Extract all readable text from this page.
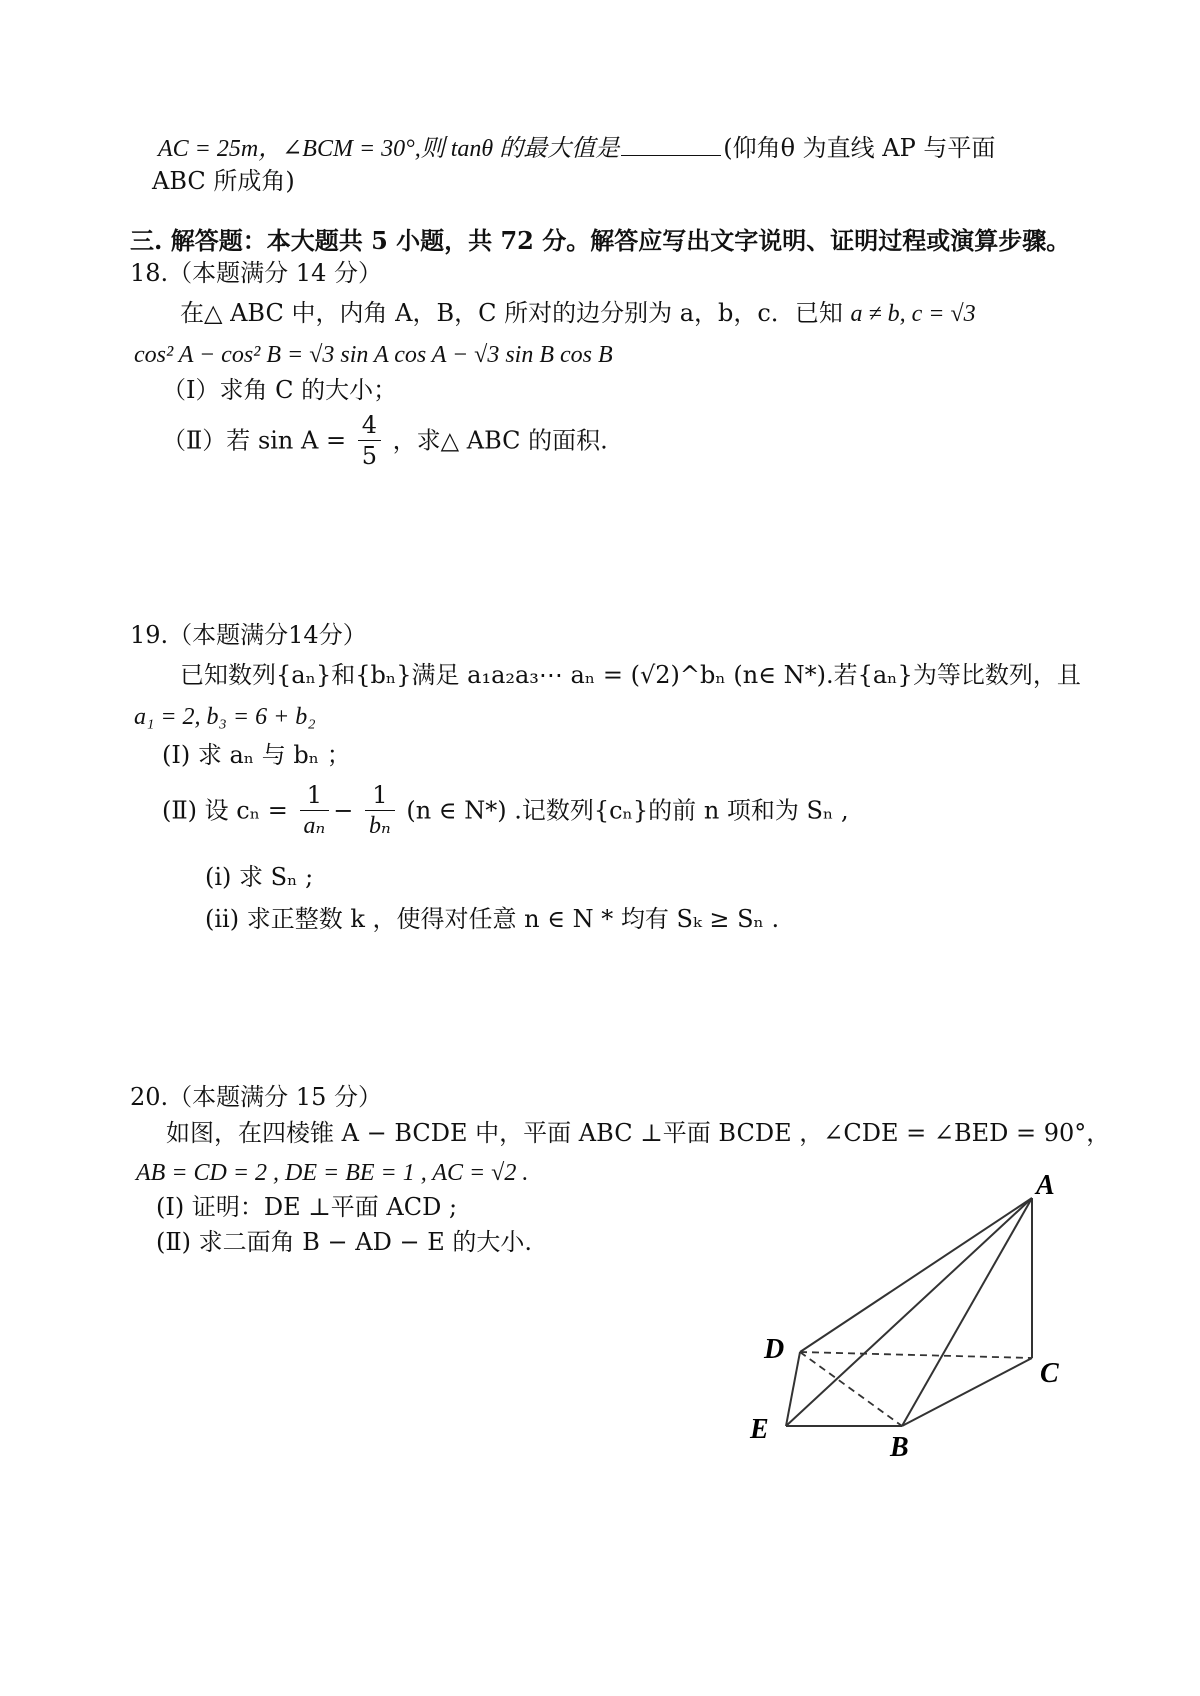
AC = 25m，∠BCM = 30°,则 tanθ 的最大值是	(仰角θ 为直线 AP 与平面
ABC 所成角)
三. 解答题：本大题共 5 小题，共 72 分。解答应写出文字说明、证明过程或演算步骤。
18.（本题满分 14 分）
在△ ABC 中，内角 A，B，C 所对的边分别为 a，b，c．已知 a ≠ b, c = √3
cos² A − cos² B = √3 sin A cos A − √3 sin B cos B
（Ⅰ）求角 C 的大小；
（Ⅱ）若 $\sin A = \frac{4}{5}$ ，求△ ABC 的面积.
19.（本题满分14分）
已知数列{aₙ}和{bₙ}满足 a₁a₂a₃⋯ aₙ = (√2)^bₙ (n∈ N*).若{aₙ}为等比数列，且
a₁ = 2, b₃ = 6 + b₂
(Ⅰ) 求 aₙ 与 bₙ ；
(Ⅱ) 设 $c_n = \frac{1}{\text{aₙ}} - \frac{1}{\text{bₙ}} (n$ ∈ N*) .记数列{cₙ}的前 n 项和为 Sₙ ,
(i) 求 Sₙ ;
(ii) 求正整数 k ，使得对任意 n ∈ N * 均有 Sₖ ≥ Sₙ .
20.（本题满分 15 分）
如图，在四棱锥 A − BCDE 中，平面 ABC ⊥平面 BCDE ，∠CDE = ∠BED = 90°，
AB = CD = 2 , DE = BE = 1 , AC = √2 .
(Ⅰ) 证明：DE ⊥平面 ACD ;
(Ⅱ) 求二面角 B − AD − E 的大小.
A
D
C
E
B
